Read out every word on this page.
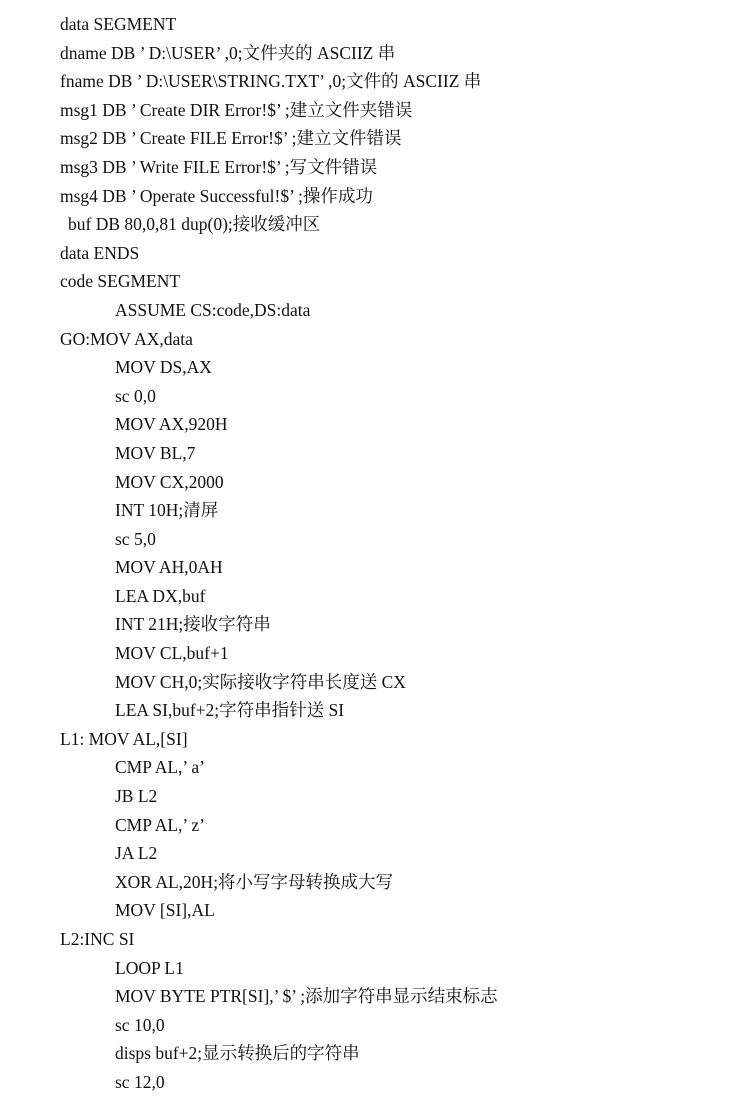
data SEGMENT
dname DB ’ D:\USER’ ,0;文件夹的 ASCIIZ 串
fname DB ’ D:\USER\STRING.TXT’ ,0;文件的 ASCIIZ 串
msg1 DB ’ Create DIR Error!$’ ;建立文件夹错误
msg2 DB ’ Create FILE Error!$’ ;建立文件错误
msg3 DB ’ Write FILE Error!$’ ;写文件错误
msg4 DB ’ Operate Successful!$’ ;操作成功
buf DB 80,0,81 dup(0);接收缓冲区
data ENDS
code SEGMENT
ASSUME CS:code,DS:data
GO:MOV AX,data
MOV DS,AX
sc 0,0
MOV AX,920H
MOV BL,7
MOV CX,2000
INT 10H;清屏
sc 5,0
MOV AH,0AH
LEA DX,buf
INT 21H;接收字符串
MOV CL,buf+1
MOV CH,0;实际接收字符串长度送 CX
LEA SI,buf+2;字符串指针送 SI
L1: MOV AL,[SI]
CMP AL,’ a’
JB L2
CMP AL,’ z’
JA L2
XOR AL,20H;将小写字母转换成大写
MOV [SI],AL
L2:INC SI
LOOP L1
MOV BYTE PTR[SI],’ $’ ;添加字符串显示结束标志
sc 10,0
disps buf+2;显示转换后的字符串
sc 12,0
